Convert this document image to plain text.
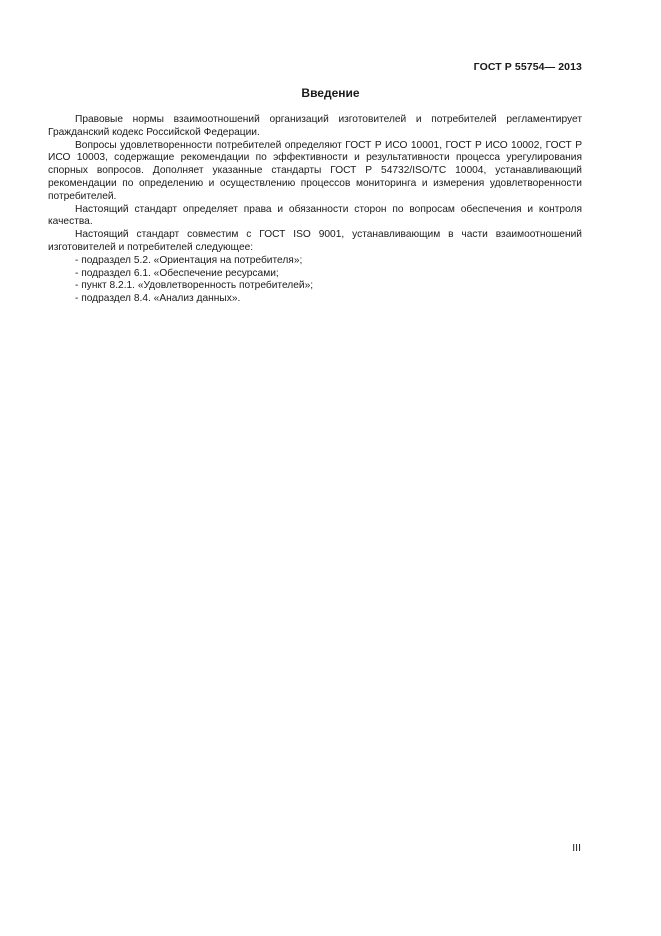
ГОСТ Р 55754— 2013
Введение

Правовые нормы взаимоотношений организаций изготовителей и потребителей регламентирует Гражданский кодекс Российской Федерации.

Вопросы удовлетворенности потребителей определяют ГОСТ Р ИСО 10001, ГОСТ Р ИСО 10002, ГОСТ Р ИСО 10003, содержащие рекомендации по эффективности и результативности процесса урегулирования спорных вопросов. Дополняет указанные стандарты ГОСТ Р 54732/ISO/TC 10004, устанавливающий рекомендации по определению и осуществлению процессов мониторинга и измерения удовлетворенности потребителей.

Настоящий стандарт определяет права и обязанности сторон по вопросам обеспечения и контроля качества.

Настоящий стандарт совместим с ГОСТ ISO 9001, устанавливающим в части взаимоотношений изготовителей и потребителей следующее:

- подраздел 5.2. «Ориентация на потребителя»;
- подраздел 6.1. «Обеспечение ресурсами;
- пункт 8.2.1. «Удовлетворенность потребителей»;
- подраздел 8.4. «Анализ данных».
III
